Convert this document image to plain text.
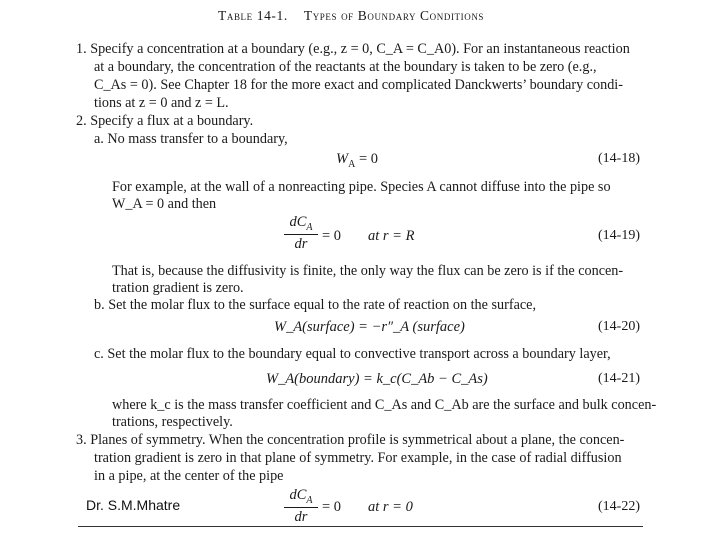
Table 14-1. Types of Boundary Conditions
1. Specify a concentration at a boundary (e.g., z = 0, C_A = C_A0). For an instantaneous reaction
at a boundary, the concentration of the reactants at the boundary is taken to be zero (e.g.,
C_As = 0). See Chapter 18 for the more exact and complicated Danckwerts’ boundary condi-
tions at z = 0 and z = L.
2. Specify a flux at a boundary.
a. No mass transfer to a boundary,
$W_A = 0$	(14-18)
For example, at the wall of a nonreacting pipe. Species A cannot diffuse into the pipe so
W_A = 0 and then
$dC_A$
dr	= 0 at r = R	(14-19)
That is, because the diffusivity is finite, the only way the flux can be zero is if the concen-
tration gradient is zero.
b. Set the molar flux to the surface equal to the rate of reaction on the surface,
W_A(surface) = −r″_A (surface)	(14-20)
c. Set the molar flux to the boundary equal to convective transport across a boundary layer,
W_A(boundary) = k_c(C_Ab − C_As)	(14-21)
where k_c is the mass transfer coefficient and C_As and C_Ab are the surface and bulk concen-
trations, respectively.
3. Planes of symmetry. When the concentration profile is symmetrical about a plane, the concen-
tration gradient is zero in that plane of symmetry. For example, in the case of radial diffusion
in a pipe, at the center of the pipe
$dC_A$
dr
= 0 at r = 0	(14-22)
Dr. S.M.Mhatre
